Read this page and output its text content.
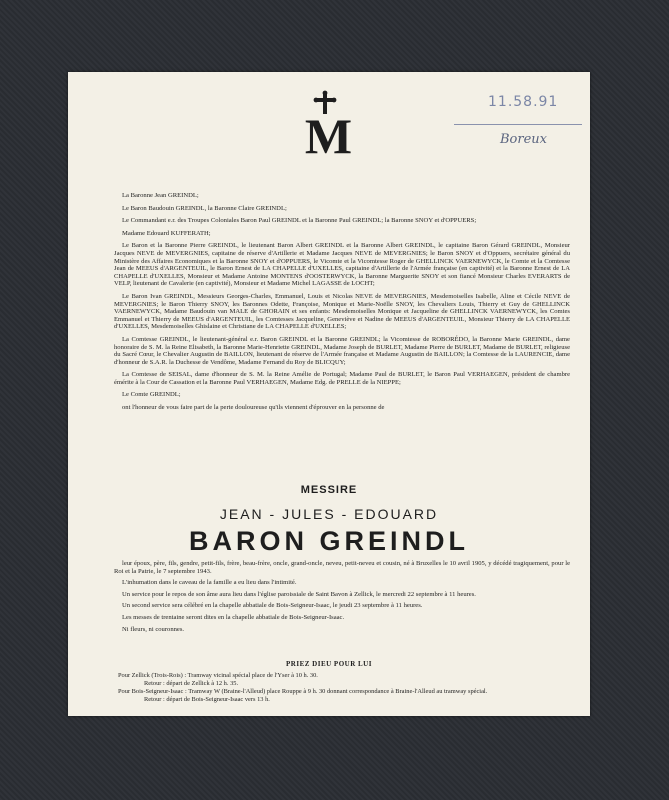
M
11.58.91
Boreux

La Baronne Jean GREINDL;

Le Baron Baudouin GREINDL, la Baronne Claire GREINDL;

Le Commandant e.r. des Troupes Coloniales Baron Paul GREINDL et la Baronne Paul GREINDL; la Baronne SNOY et d'OPPUERS;

Madame Edouard KUFFERATH;

Le Baron et la Baronne Pierre GREINDL, le lieutenant Baron Albert GREINDL et la Baronne Albert GREINDL, le capitaine Baron Gérard GREINDL, Monsieur Jacques NEVE de MEVERGNIES, capitaine de réserve d'Artillerie et Madame Jacques NEVE de MEVERGNIES; le Baron SNOY et d'Oppuers, secrétaire général du Ministère des Affaires Economiques et la Baronne SNOY et d'OPPUERS, le Vicomte et la Vicomtesse Roger de GHELLINCK VAERNEWYCK, le Comte et la Comtesse Jean de MEEUS d'ARGENTEUIL, le Baron Ernest de LA CHAPELLE d'UXELLES, capitaine d'Artillerie de l'Armée française (en captivité) et la Baronne Ernest de LA CHAPELLE d'UXELLES, Monsieur et Madame Antoine MONTENS d'OOSTERWYCK, la Baronne Marguerite SNOY et son fiancé Monsieur Charles EVERARTS de VELP, lieutenant de Cavalerie (en captivité), Monsieur et Madame Michel LAGASSE de LOCHT;

Le Baron Ivan GREINDL, Messieurs Georges-Charles, Emmanuel, Louis et Nicolas NEVE de MEVERGNIES, Mesdemoiselles Isabelle, Aline et Cécile NEVE de MEVERGNIES; le Baron Thierry SNOY, les Baronnes Odette, Françoise, Monique et Marie-Noëlle SNOY, les Chevaliers Louis, Thierry et Guy de GHELLINCK VAERNEWYCK, Madame Baudouin van MALE de GHORAIN et ses enfants: Mesdemoiselles Monique et Jacqueline de GHELLINCK VAERNEWYCK, les Comtes Emmanuel et Thierry de MEEUS d'ARGENTEUIL, les Comtesses Jacqueline, Geneviève et Nadine de MEEUS d'ARGENTEUIL, Monsieur Thierry de LA CHAPELLE d'UXELLES, Mesdemoiselles Ghislaine et Christiane de LA CHAPELLE d'UXELLES;

La Comtesse GREINDL, le lieutenant-général e.r. Baron GREINDL et la Baronne GREINDL; la Vicomtesse de ROBORÉDO, la Baronne Marie GREINDL, dame honoraire de S. M. la Reine Elisabeth, la Baronne Marie-Henriette GREINDL, Madame Joseph de BURLET, Madame Pierre de BURLET, Madame de BURLET, religieuse du Sacré Cœur, le Chevalier Augustin de BAILLON, lieutenant de réserve de l'Armée française et Madame Augustin de BAILLON; la Comtesse de la LAURENCIE, dame d'honneur de S.A.R. la Duchesse de Vendôme, Madame Fernand du Roy de BLICQUY;

La Comtesse de SEISAL, dame d'honneur de S. M. la Reine Amélie de Portugal; Madame Paul de BURLET, le Baron Paul VERHAEGEN, président de chambre émérite à la Cour de Cassation et la Baronne Paul VERHAEGEN, Madame Edg. de PRELLE de la NIEPPE;

Le Comte GREINDL;

ont l'honneur de vous faire part de la perte douloureuse qu'ils viennent d'éprouver en la personne de

MESSIRE
JEAN - JULES - EDOUARD
BARON GREINDL

leur époux, père, fils, gendre, petit-fils, frère, beau-frère, oncle, grand-oncle, neveu, petit-neveu et cousin, né à Bruxelles le 10 avril 1905, y décédé tragiquement, pour le Roi et la Patrie, le 7 septembre 1943.

L'inhumation dans le caveau de la famille a eu lieu dans l'intimité.

Un service pour le repos de son âme aura lieu dans l'église paroissiale de Saint Bavon à Zellick, le mercredi 22 septembre à 11 heures.

Un second service sera célébré en la chapelle abbatiale de Bois-Seigneur-Isaac, le jeudi 23 septembre à 11 heures.

Les messes de trentaine seront dites en la chapelle abbatiale de Bois-Seigneur-Isaac.

Ni fleurs, ni couronnes.

PRIEZ DIEU POUR LUI
Pour Zellick (Trois-Rois) : Tramway vicinal spécial place de l'Yser à 10 h. 30.
Retour : départ de Zellick à 12 h. 35.
Pour Bois-Seigneur-Isaac : Tramway W (Braine-l'Alleud) place Rouppe à 9 h. 30 donnant correspondance à Braine-l'Alleud au tramway spécial.
Retour : départ de Bois-Seigneur-Isaac vers 13 h.
